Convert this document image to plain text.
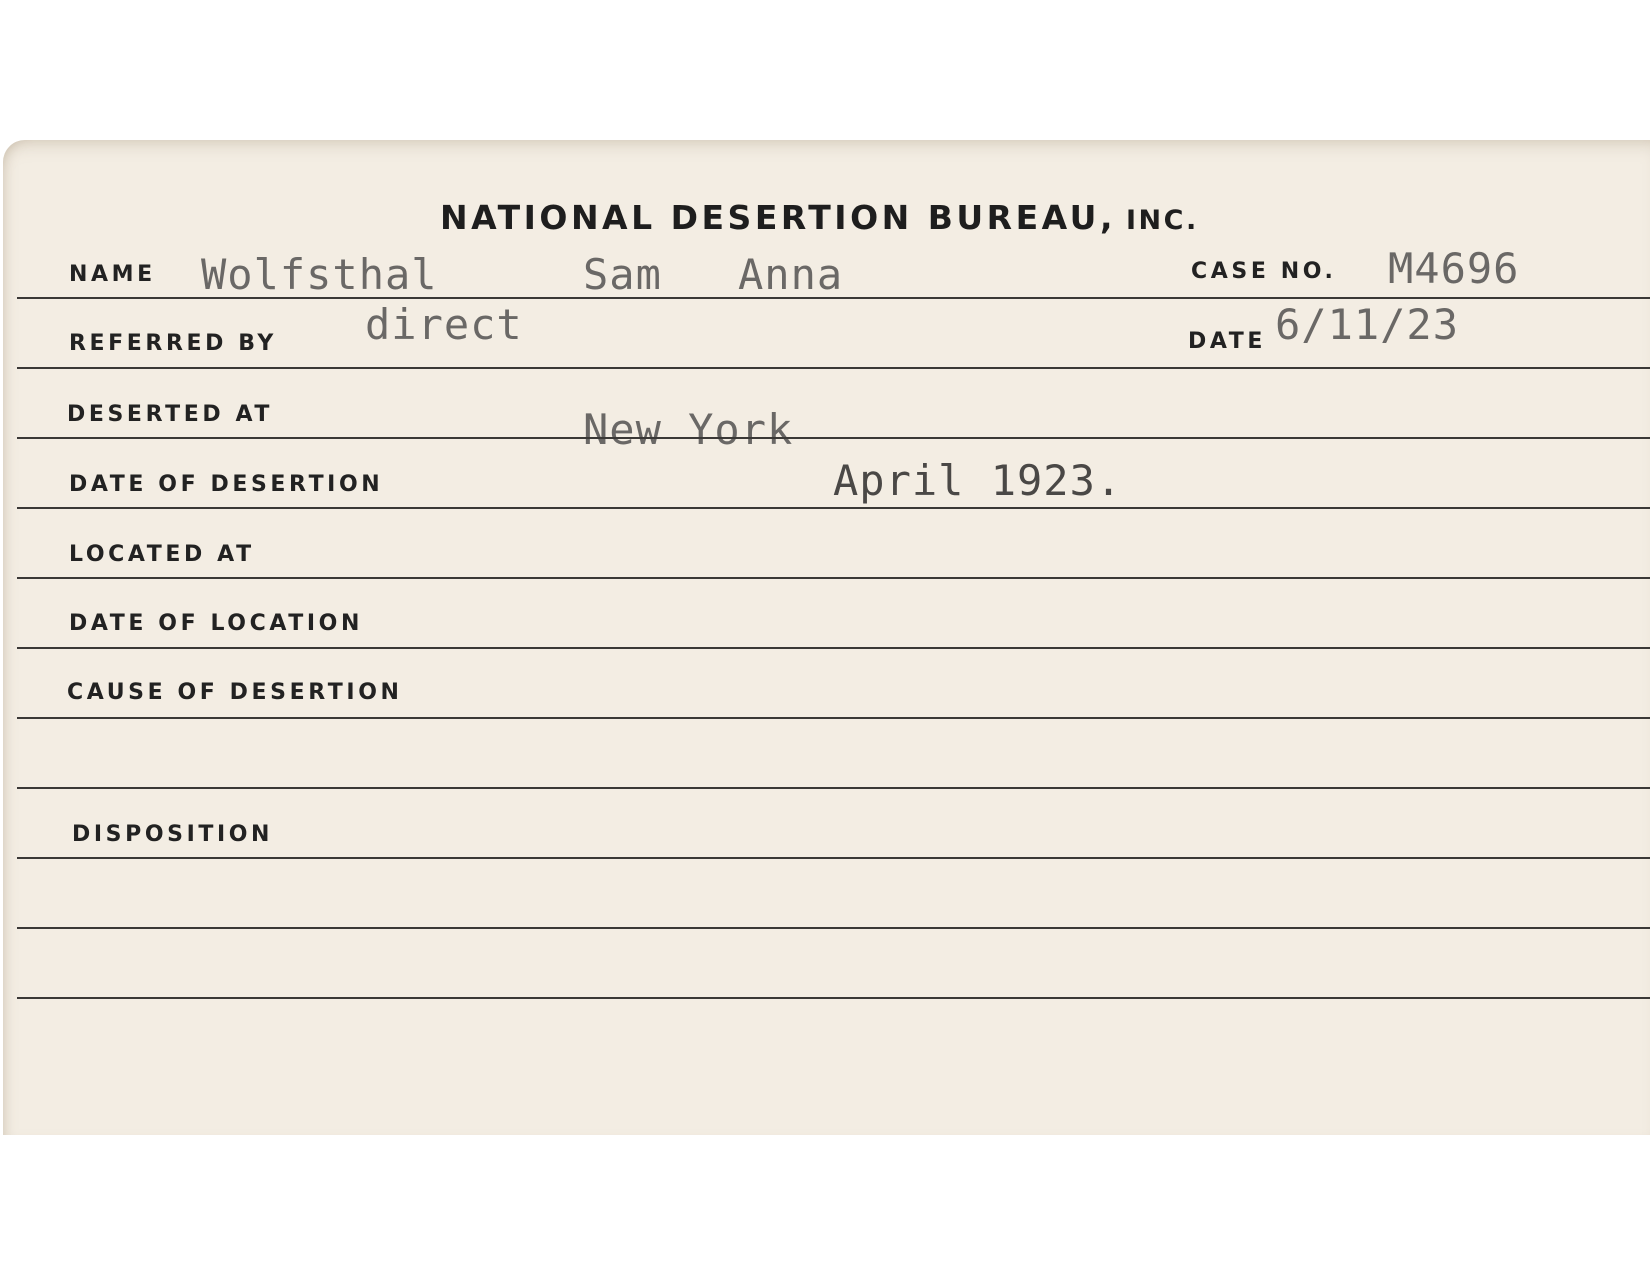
NATIONAL DESERTION BUREAU, INC.
NAME Wolfsthal	Sam Anna	CASE NO. M4696
REFERRED BY direct	DATE 6/11/23
DESERTED AT	New York
DATE OF DESERTION	April 1923.
LOCATED AT
DATE OF LOCATION
CAUSE OF DESERTION
DISPOSITION
